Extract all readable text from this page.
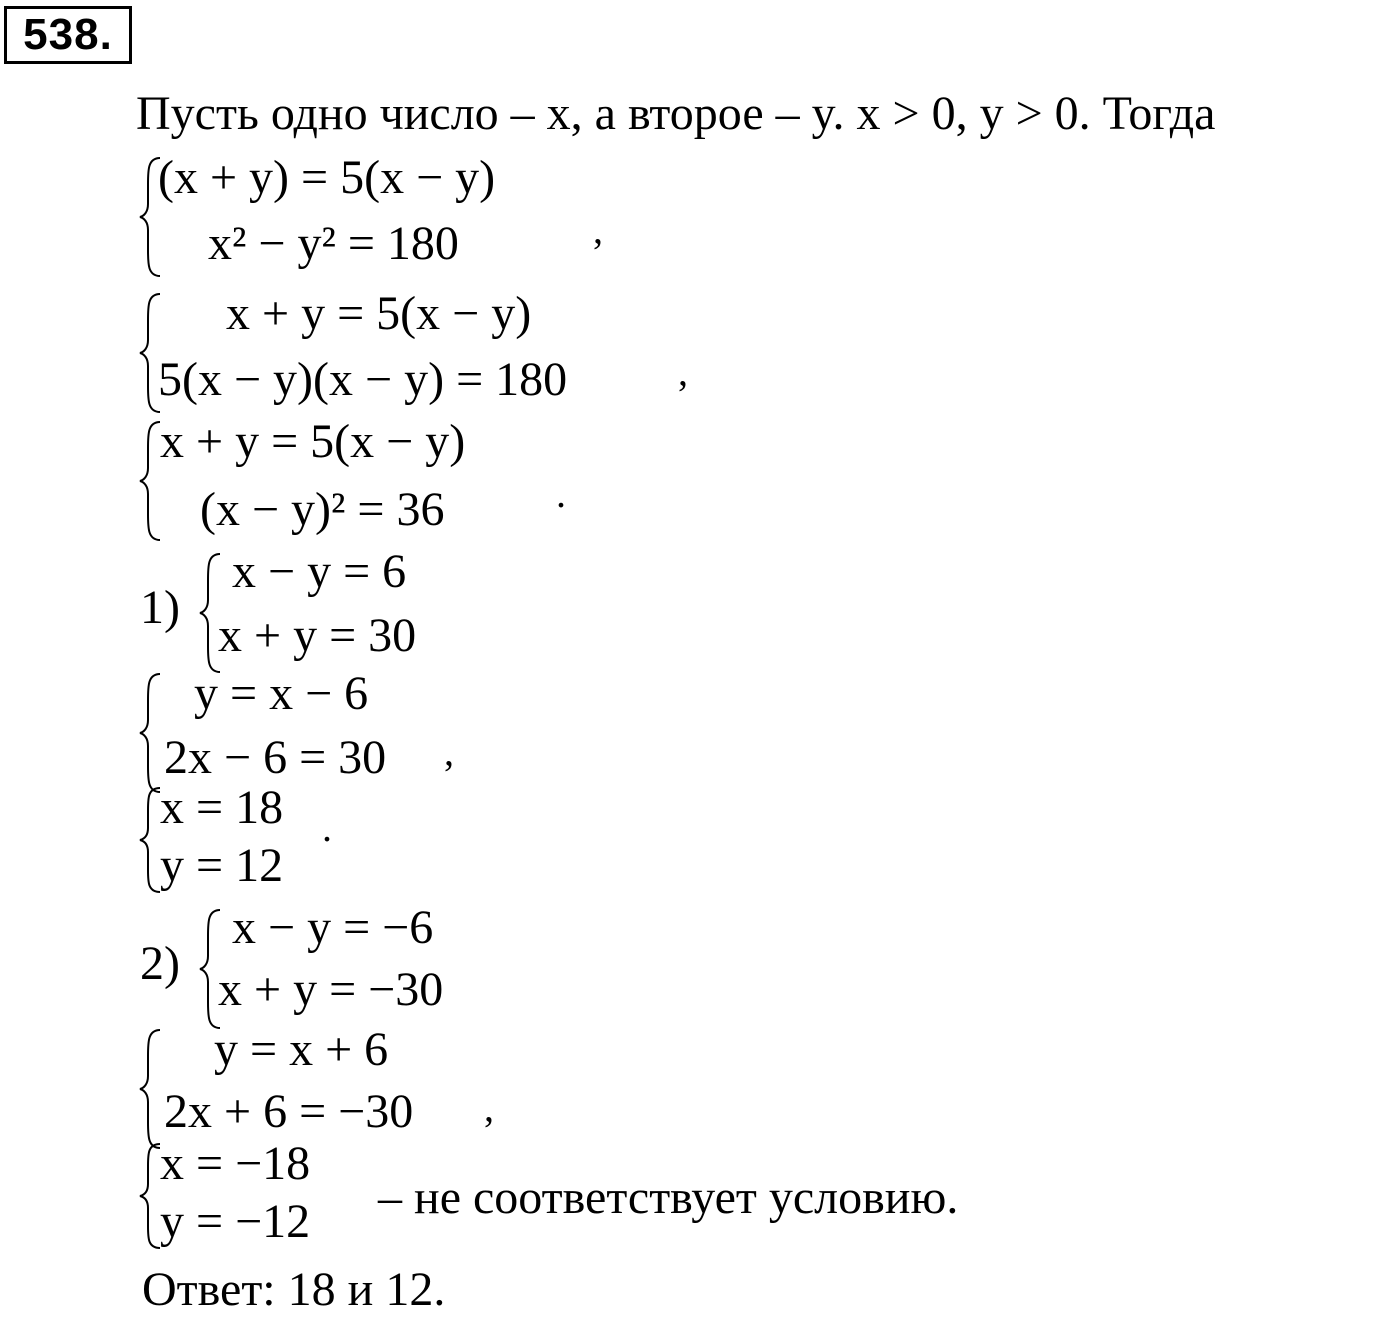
538.
Пусть одно число – x, а второе – y. x > 0, y > 0. Тогда
(x + y) = 5(x − y)
x² − y² = 180	,
x + y = 5(x − y)
5(x − y)(x − y) = 180	,
x + y = 5(x − y)
(x − y)² = 36	.
1)
x − y = 6
x + y = 30
y = x − 6
2x − 6 = 30 ,
x = 18
y = 12
.
2)
x − y = −6
x + y = −30
y = x + 6
2x + 6 = −30 ,
x = −18
y = −12 – не соответствует условию.
Ответ: 18 и 12.
